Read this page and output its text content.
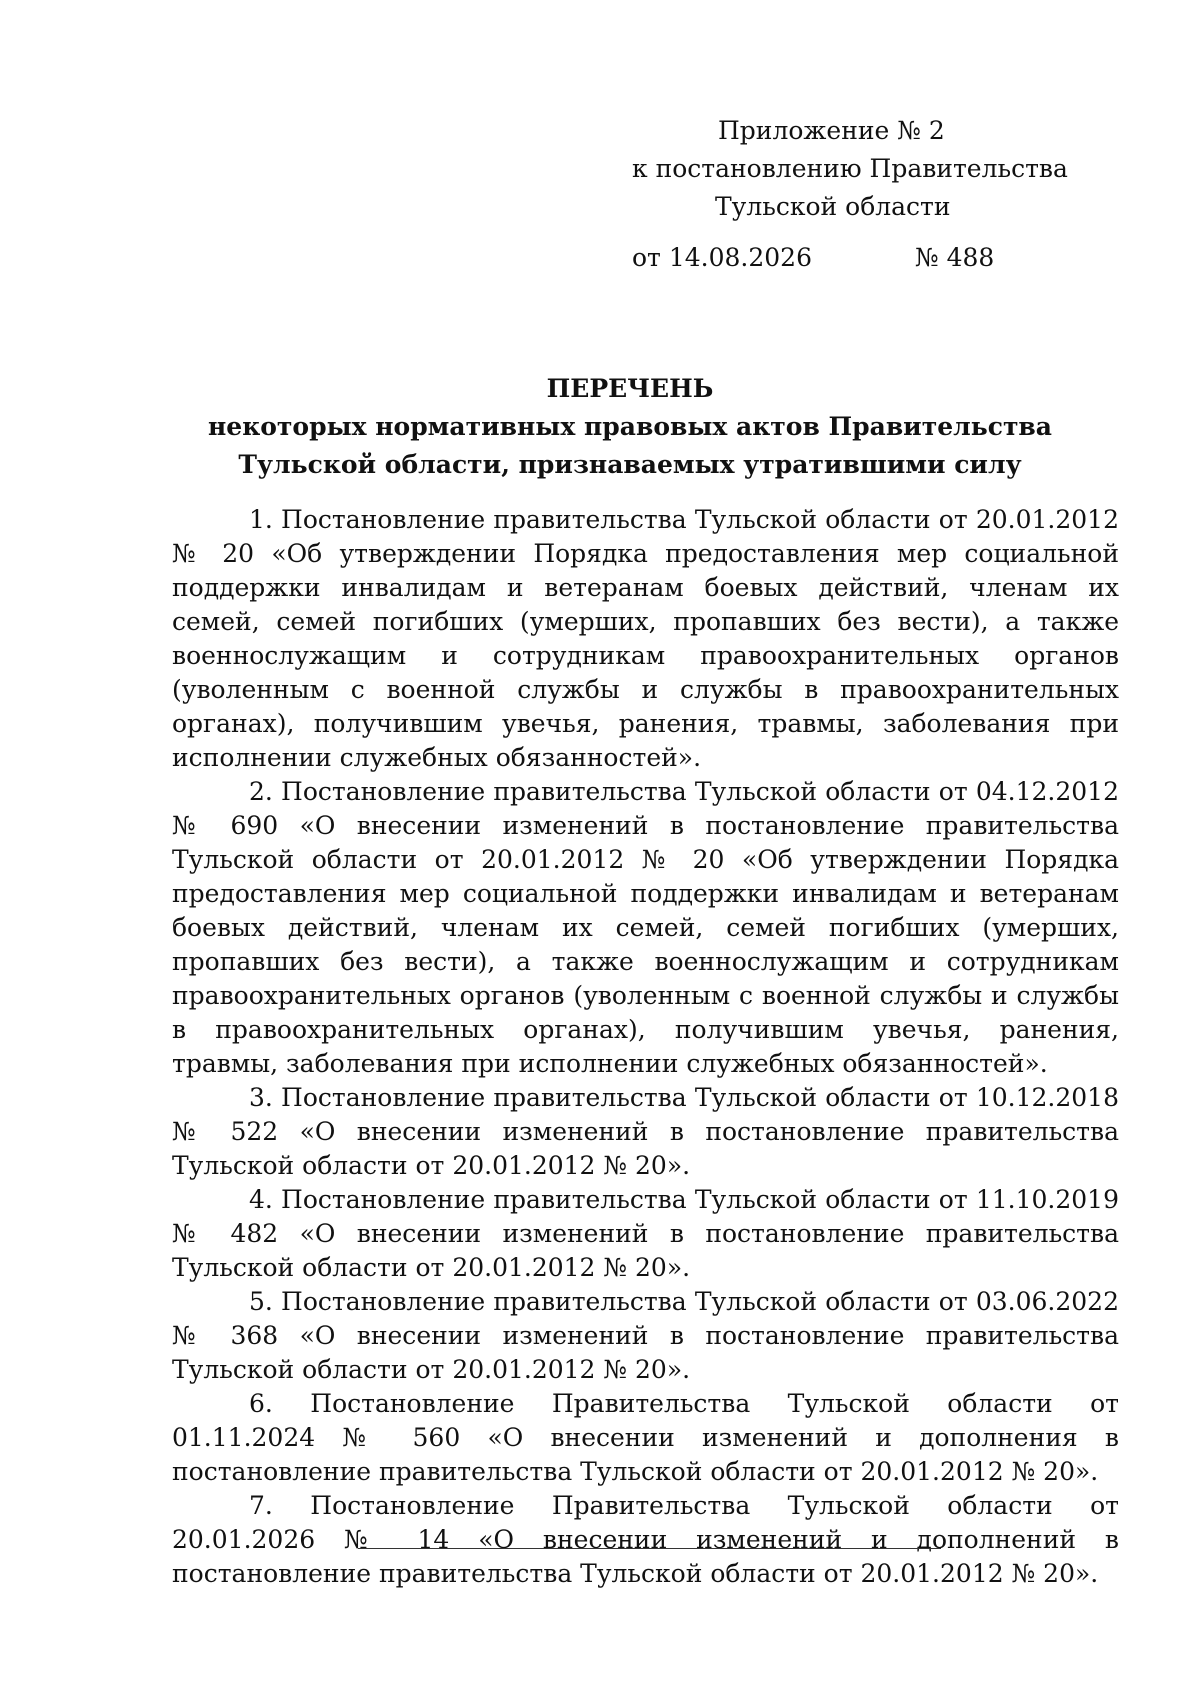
Приложение № 2
к постановлению Правительства
Тульской области
от 14.08.2026	№ 488
ПЕРЕЧЕНЬ
некоторых нормативных правовых актов Правительства
Тульской области, признаваемых утратившими силу

1. Постановление правительства Тульской области от 20.01.2012 № 20 «Об утверждении Порядка предоставления мер социальной поддержки инвалидам и ветеранам боевых действий, членам их семей, семей погибших (умерших, пропавших без вести), а также военнослужащим и сотрудникам правоохранительных органов (уволенным с военной службы и службы в правоохранительных органах), получившим увечья, ранения, травмы, заболевания при исполнении служебных обязанностей».

2. Постановление правительства Тульской области от 04.12.2012 № 690 «О внесении изменений в постановление правительства Тульской области от 20.01.2012 № 20 «Об утверждении Порядка предоставления мер социальной поддержки инвалидам и ветеранам боевых действий, членам их семей, семей погибших (умерших, пропавших без вести), а также военнослужащим и сотрудникам правоохранительных органов (уволенным с военной службы и службы в правоохранительных органах), получившим увечья, ранения, травмы, заболевания при исполнении служебных обязанностей».

3. Постановление правительства Тульской области от 10.12.2018 № 522 «О внесении изменений в постановление правительства Тульской области от 20.01.2012 № 20».

4. Постановление правительства Тульской области от 11.10.2019 № 482 «О внесении изменений в постановление правительства Тульской области от 20.01.2012 № 20».

5. Постановление правительства Тульской области от 03.06.2022 № 368 «О внесении изменений в постановление правительства Тульской области от 20.01.2012 № 20».

6. Постановление Правительства Тульской области от 01.11.2024 № 560 «О внесении изменений и дополнения в постановление правительства Тульской области от 20.01.2012 № 20».

7. Постановление Правительства Тульской области от 20.01.2026 № 14 «О внесении изменений и дополнений в постановление правительства Тульской области от 20.01.2012 № 20».
